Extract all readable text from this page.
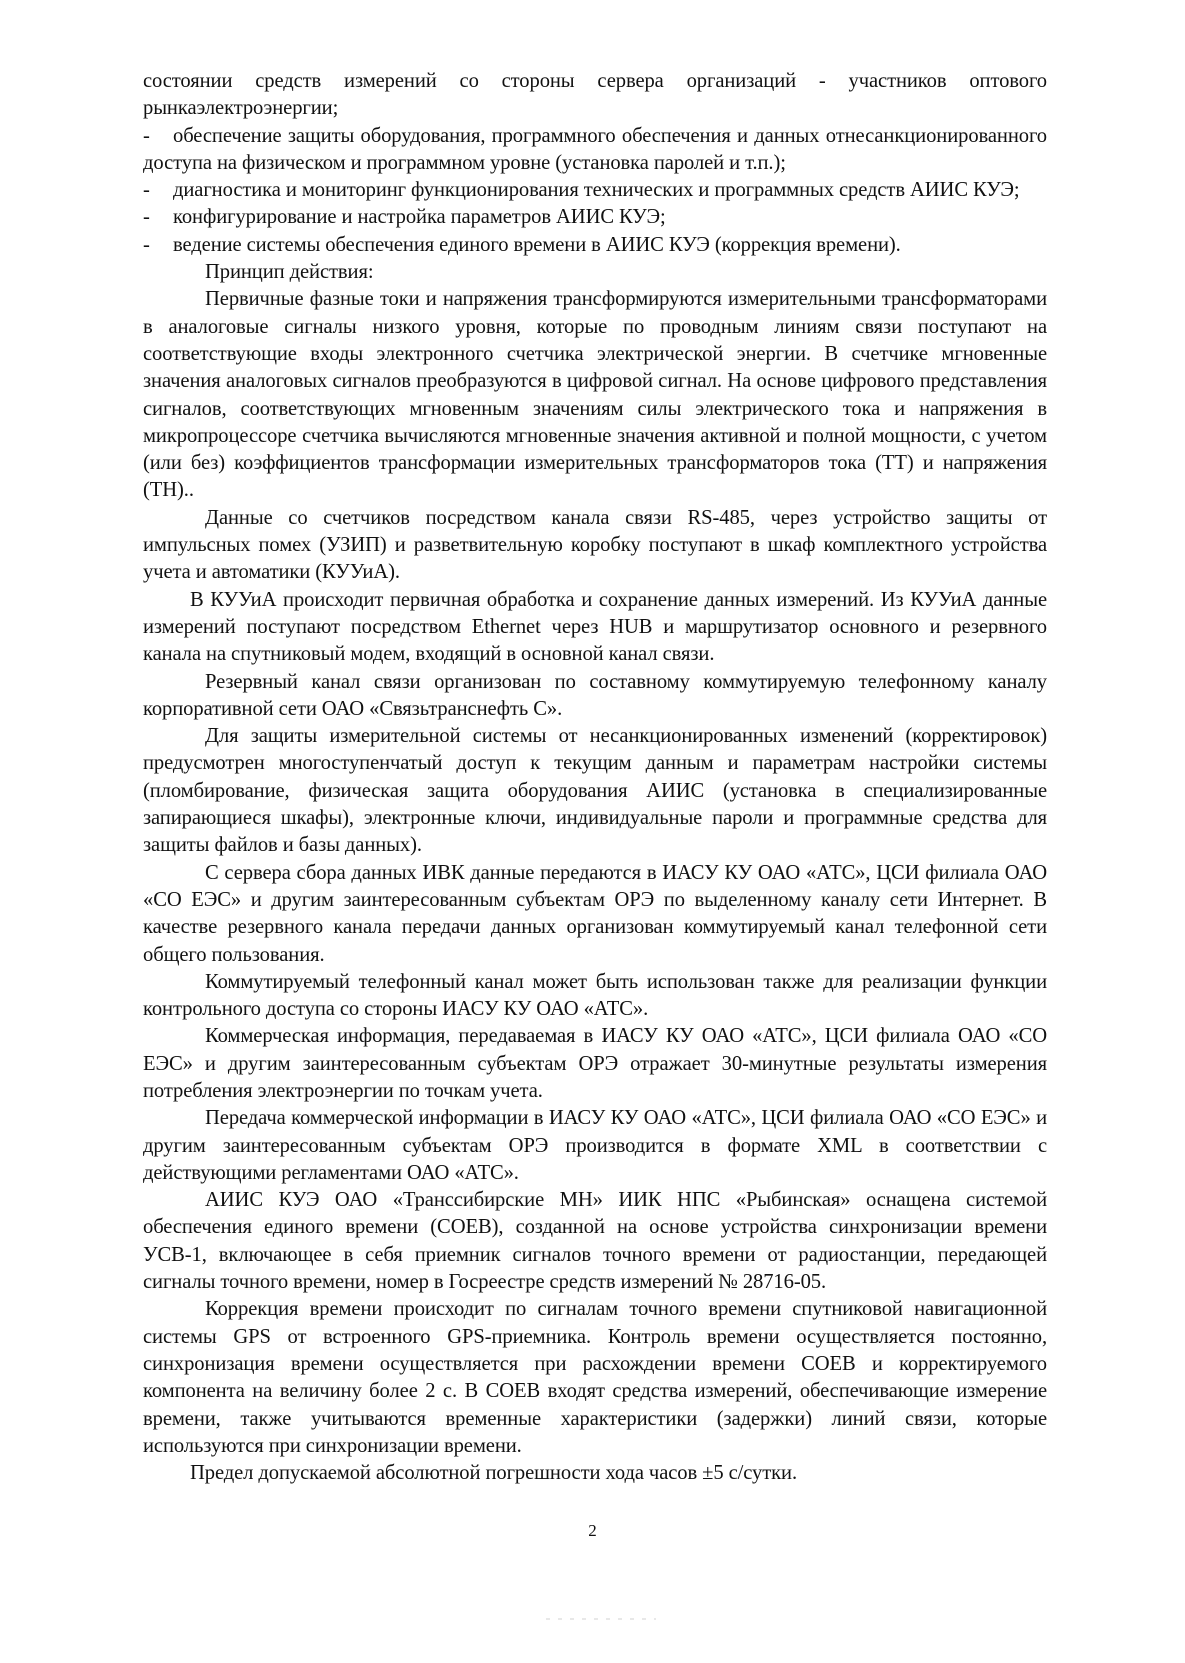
состоянии средств измерений со стороны сервера организаций - участников оптового рынкаэлектроэнергии;

- обеспечение защиты оборудования, программного обеспечения и данных отнесанкционированного доступа на физическом и программном уровне (установка паролей и т.п.);

- диагностика и мониторинг функционирования технических и программных средств АИИС КУЭ;

- конфигурирование и настройка параметров АИИС КУЭ;

- ведение системы обеспечения единого времени в АИИС КУЭ (коррекция времени).

Принцип действия:

Первичные фазные токи и напряжения трансформируются измерительными трансформаторами в аналоговые сигналы низкого уровня, которые по проводным линиям связи поступают на соответствующие входы электронного счетчика электрической энергии. В счетчике мгновенные значения аналоговых сигналов преобразуются в цифровой сигнал. На основе цифрового представления сигналов, соответствующих мгновенным значениям силы электрического тока и напряжения в микропроцессоре счетчика вычисляются мгновенные значения активной и полной мощности, с учетом (или без) коэффициентов трансформации измерительных трансформаторов тока (ТТ) и напряжения (ТН)..

Данные со счетчиков посредством канала связи RS-485, через устройство защиты от импульсных помех (УЗИП) и разветвительную коробку поступают в шкаф комплектного устройства учета и автоматики (КУУиА).

В КУУиА происходит первичная обработка и сохранение данных измерений. Из КУУиА данные измерений поступают посредством Ethernet через HUB и маршрутизатор основного и резервного канала на спутниковый модем, входящий в основной канал связи.

Резервный канал связи организован по составному коммутируемую телефонному каналу корпоративной сети ОАО «Связьтранснефть С».

Для защиты измерительной системы от несанкционированных изменений (корректировок) предусмотрен многоступенчатый доступ к текущим данным и параметрам настройки системы (пломбирование, физическая защита оборудования АИИС (установка в специализированные запирающиеся шкафы), электронные ключи, индивидуальные пароли и программные средства для защиты файлов и базы данных).

С сервера сбора данных ИВК данные передаются в ИАСУ КУ ОАО «АТС», ЦСИ филиала ОАО «СО ЕЭС» и другим заинтересованным субъектам ОРЭ по выделенному каналу сети Интернет. В качестве резервного канала передачи данных организован коммутируемый канал телефонной сети общего пользования.

Коммутируемый телефонный канал может быть использован также для реализации функции контрольного доступа со стороны ИАСУ КУ ОАО «АТС».

Коммерческая информация, передаваемая в ИАСУ КУ ОАО «АТС», ЦСИ филиала ОАО «СО ЕЭС» и другим заинтересованным субъектам ОРЭ отражает 30-минутные результаты измерения потребления электроэнергии по точкам учета.

Передача коммерческой информации в ИАСУ КУ ОАО «АТС», ЦСИ филиала ОАО «СО ЕЭС» и другим заинтересованным субъектам ОРЭ производится в формате XML в соответствии с действующими регламентами ОАО «АТС».

АИИС КУЭ ОАО «Транссибирские МН» ИИК НПС «Рыбинская» оснащена системой обеспечения единого времени (СОЕВ), созданной на основе устройства синхронизации времени УСВ-1, включающее в себя приемник сигналов точного времени от радиостанции, передающей сигналы точного времени, номер в Госреестре средств измерений № 28716-05.

Коррекция времени происходит по сигналам точного времени спутниковой навигационной системы GPS от встроенного GPS-приемника. Контроль времени осуществляется постоянно, синхронизация времени осуществляется при расхождении времени СОЕВ и корректируемого компонента на величину более 2 с. В СОЕВ входят средства измерений, обеспечивающие измерение времени, также учитываются временные характеристики (задержки) линий связи, которые используются при синхронизации времени.

Предел допускаемой абсолютной погрешности хода часов ±5 с/сутки.

2
